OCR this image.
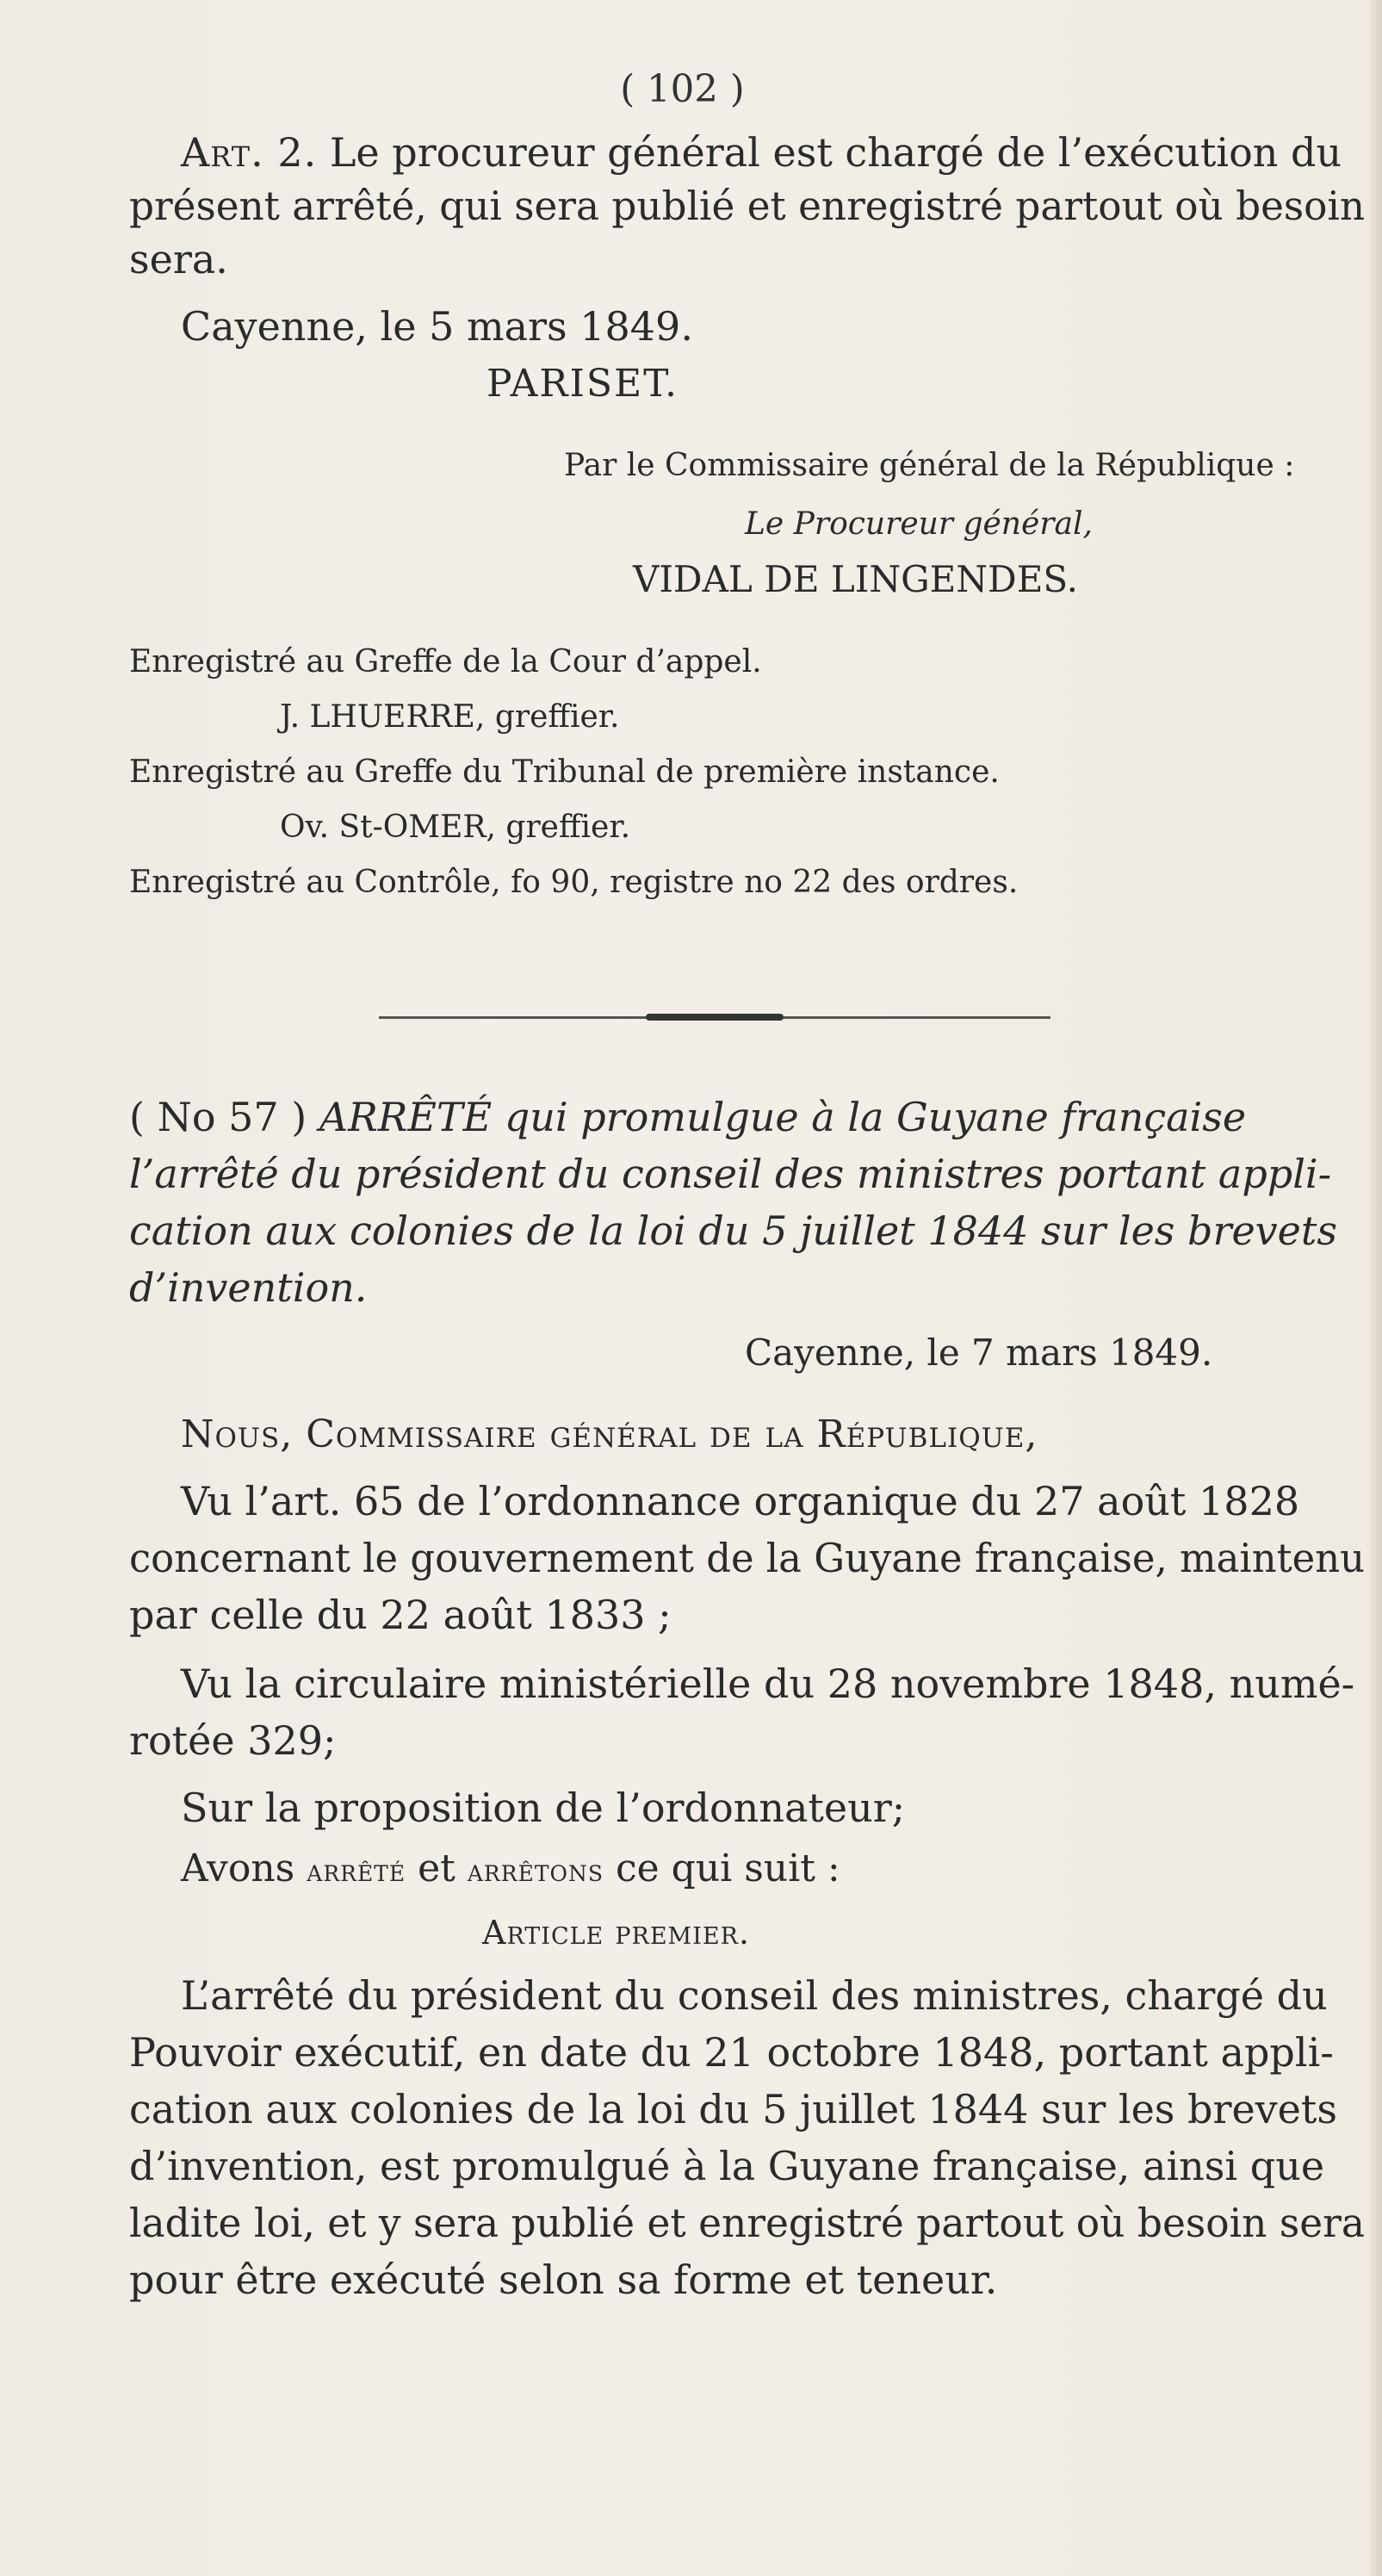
( 102 )
Art. 2. Le procureur général est chargé de l’exécution du
présent arrêté, qui sera publié et enregistré partout où besoin
sera.
Cayenne, le 5 mars 1849.
PARISET.
Par le Commissaire général de la République :
Le Procureur général,
VIDAL DE LINGENDES.
Enregistré au Greffe de la Cour d’appel.
J. LHUERRE, greffier.
Enregistré au Greffe du Tribunal de première instance.
Ov. St-OMER, greffier.
Enregistré au Contrôle, fo 90, registre no 22 des ordres.
( No 57 ) ARRÊTÉ qui promulgue à la Guyane française
l’arrêté du président du conseil des ministres portant appli-
cation aux colonies de la loi du 5 juillet 1844 sur les brevets
d’invention.
Cayenne, le 7 mars 1849.
Nous, Commissaire général de la République,
Vu l’art. 65 de l’ordonnance organique du 27 août 1828
concernant le gouvernement de la Guyane française, maintenu
par celle du 22 août 1833 ;
Vu la circulaire ministérielle du 28 novembre 1848, numé-
rotée 329;
Sur la proposition de l’ordonnateur;
Avons arrêté et arrêtons ce qui suit :
Article premier.
L’arrêté du président du conseil des ministres, chargé du
Pouvoir exécutif, en date du 21 octobre 1848, portant appli-
cation aux colonies de la loi du 5 juillet 1844 sur les brevets
d’invention, est promulgué à la Guyane française, ainsi que
ladite loi, et y sera publié et enregistré partout où besoin sera
pour être exécuté selon sa forme et teneur.
